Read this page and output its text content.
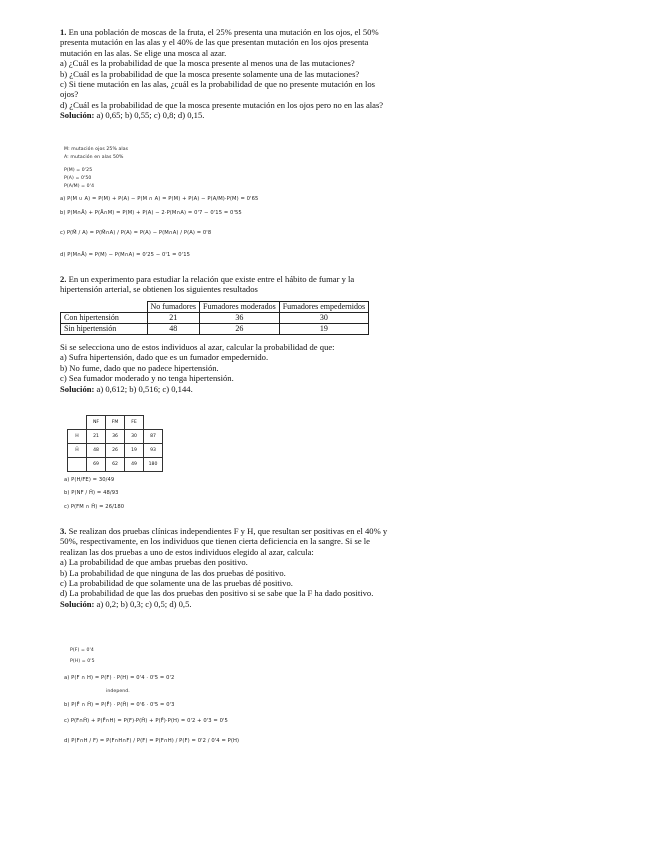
1. En una población de moscas de la fruta, el 25% presenta una mutación en los ojos, el 50%
presenta mutación en las alas y el 40% de las que presentan mutación en los ojos presenta
mutación en las alas. Se elige una mosca al azar.
a) ¿Cuál es la probabilidad de que la mosca presente al menos una de las mutaciones?
b) ¿Cuál es la probabilidad de que la mosca presente solamente una de las mutaciones?
c) Si tiene mutación en las alas, ¿cuál es la probabilidad de que no presente mutación en los
ojos?
d) ¿Cuál es la probabilidad de que la mosca presente mutación en los ojos pero no en las alas?
Solución: a) 0,65; b) 0,55; c) 0,8; d) 0,15.
M: mutación ojos 25% alas
A: mutación en alas 50%
P(M) = 0'25
P(A) = 0'50
P(A/M) = 0'4
a) P(M ∪ A) = P(M) + P(A) − P(M ∩ A) = P(M) + P(A) − P(A/M)·P(M) = 0'65
b) P(M∩Ā) + P(Ā∩M) = P(M) + P(A) − 2·P(M∩A) = 0'7 − 0'15 = 0'55
c) P(M̄ / A) = P(M̄∩A) / P(A) = P(A) − P(M∩A) / P(A) = 0'8
d) P(M∩Ā) = P(M) − P(M∩A) = 0'25 − 0'1 = 0'15
2. En un experimento para estudiar la relación que existe entre el hábito de fumar y la
hipertensión arterial, se obtienen los siguientes resultados
	No fumadores	Fumadores moderados	Fumadores empedernidos
Con hipertensión	21	36	30
Sin hipertensión	48	26	19
Si se selecciona uno de estos individuos al azar, calcular la probabilidad de que:
a) Sufra hipertensión, dado que es un fumador empedernido.
b) No fume, dado que no padece hipertensión.
c) Sea fumador moderado y no tenga hipertensión.
Solución: a) 0,612; b) 0,516; c) 0,144.
	NF	FM	FE	
H	21	36	30	87
H̄	48	26	19	93
	69	62	49	180
a) P(H/FE) = 30/49
b) P(NF / H̄) = 48/93
c) P(FM ∩ H̄) = 26/180
3. Se realizan dos pruebas clínicas independientes F y H, que resultan ser positivas en el 40% y
50%, respectivamente, en los individuos que tienen cierta deficiencia en la sangre. Si se le
realizan las dos pruebas a uno de estos individuos elegido al azar, calcula:
a) La probabilidad de que ambas pruebas den positivo.
b) La probabilidad de que ninguna de las dos pruebas dé positivo.
c) La probabilidad de que solamente una de las pruebas dé positivo.
d) La probabilidad de que las dos pruebas den positivo si se sabe que la F ha dado positivo.
Solución: a) 0,2; b) 0,3; c) 0,5; d) 0,5.
P(F) = 0'4
P(H) = 0'5
a) P(F ∩ H) = P(F) · P(H) = 0'4 · 0'5 = 0'2
independ.
b) P(F̄ ∩ H̄) = P(F̄) · P(H̄) = 0'6 · 0'5 = 0'3
c) P(F∩H̄) + P(F̄∩H) = P(F)·P(H̄) + P(F̄)·P(H) = 0'2 + 0'3 = 0'5
d) P(F∩H / F) = P(F∩H∩F) / P(F) = P(F∩H) / P(F) = 0'2 / 0'4 = P(H)
